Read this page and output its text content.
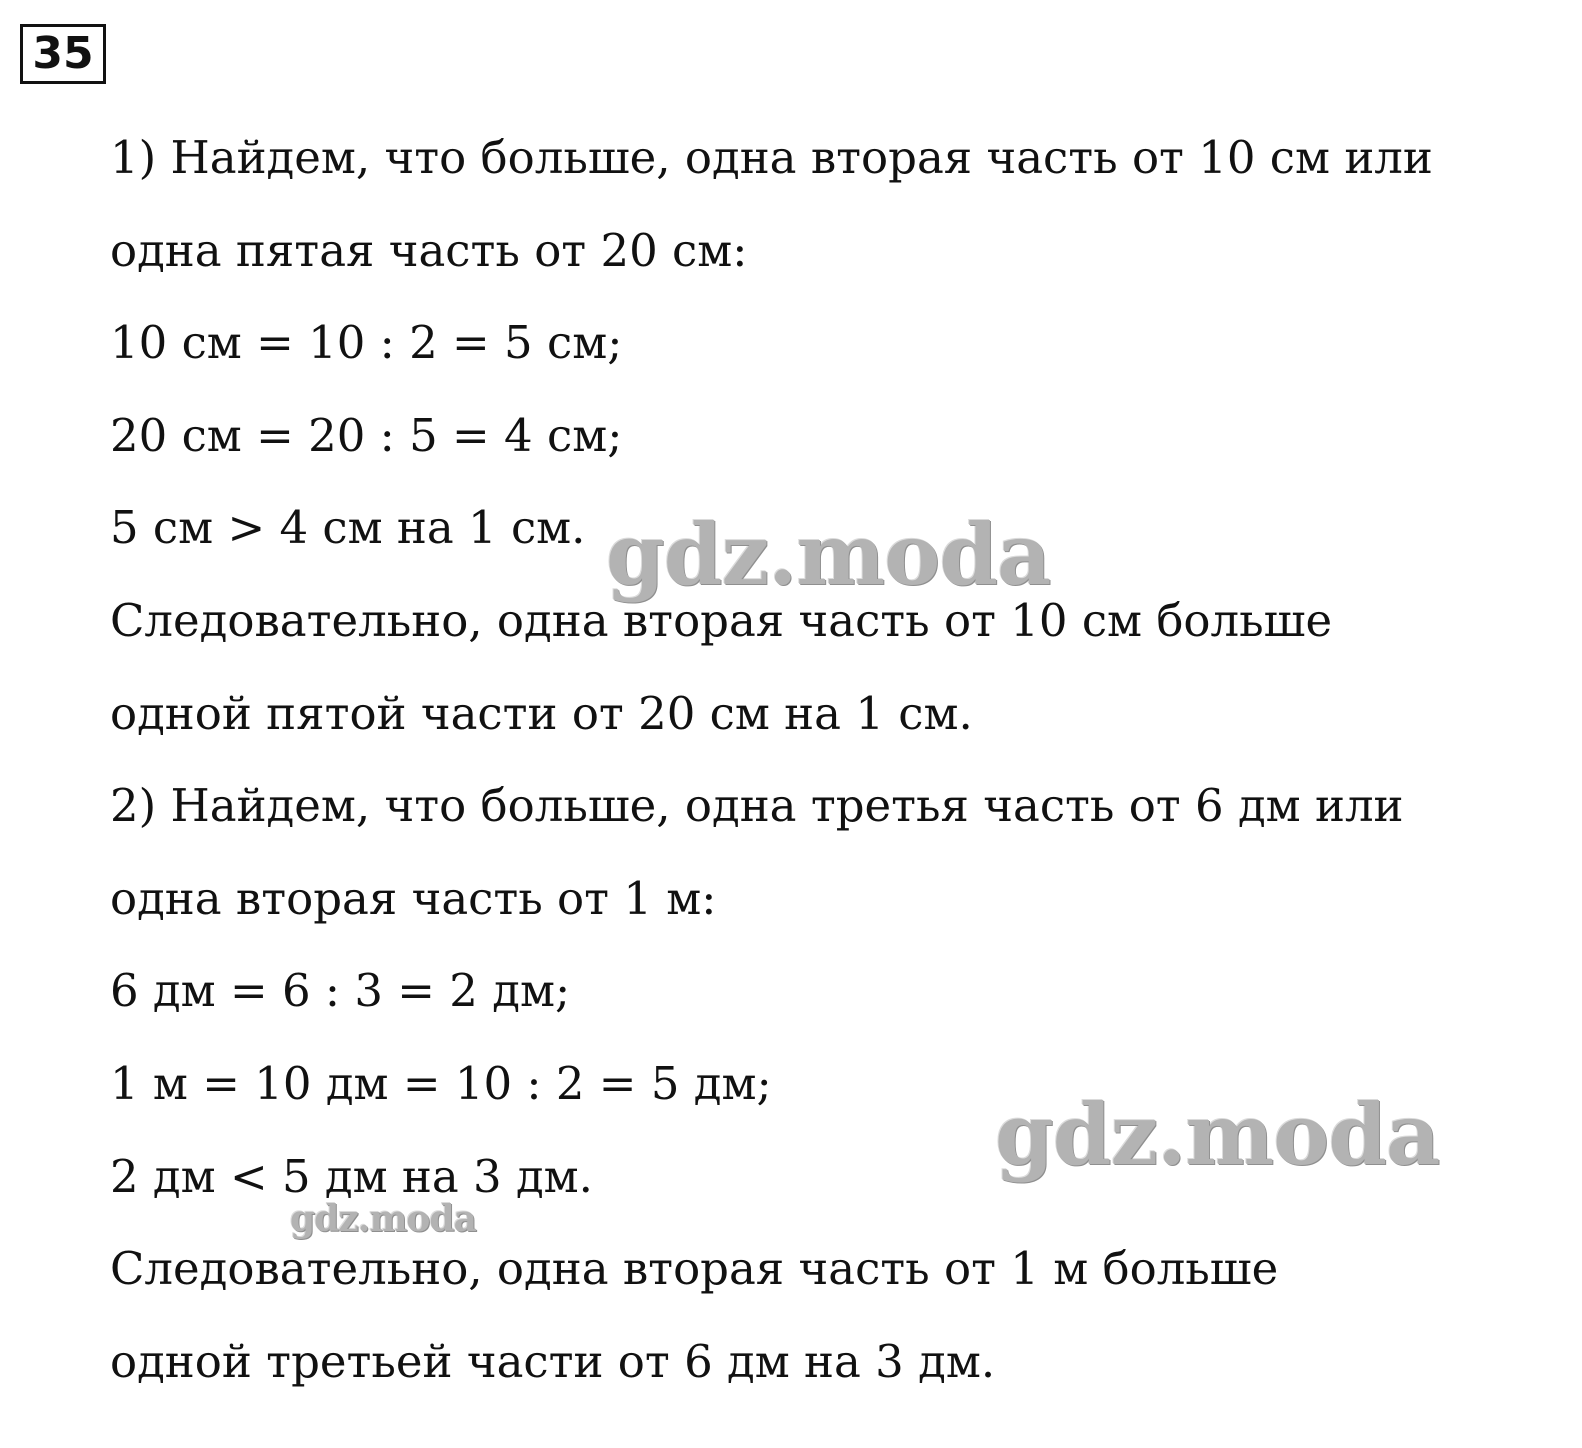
35
1) Найдем, что больше, одна вторая часть от 10 см или
одна пятая часть от 20 см:
10 см = 10 : 2 = 5 см;
20 см = 20 : 5 = 4 см;
5 см > 4 см на 1 см.
Следовательно, одна вторая часть от 10 см больше
одной пятой части от 20 см на 1 см.
2) Найдем, что больше, одна третья часть от 6 дм или
одна вторая часть от 1 м:
6 дм = 6 : 3 = 2 дм;
1 м = 10 дм = 10 : 2 = 5 дм;
2 дм < 5 дм на 3 дм.
Следовательно, одна вторая часть от 1 м больше
одной третьей части от 6 дм на 3 дм.
gdz.moda
gdz.moda
gdz.moda
